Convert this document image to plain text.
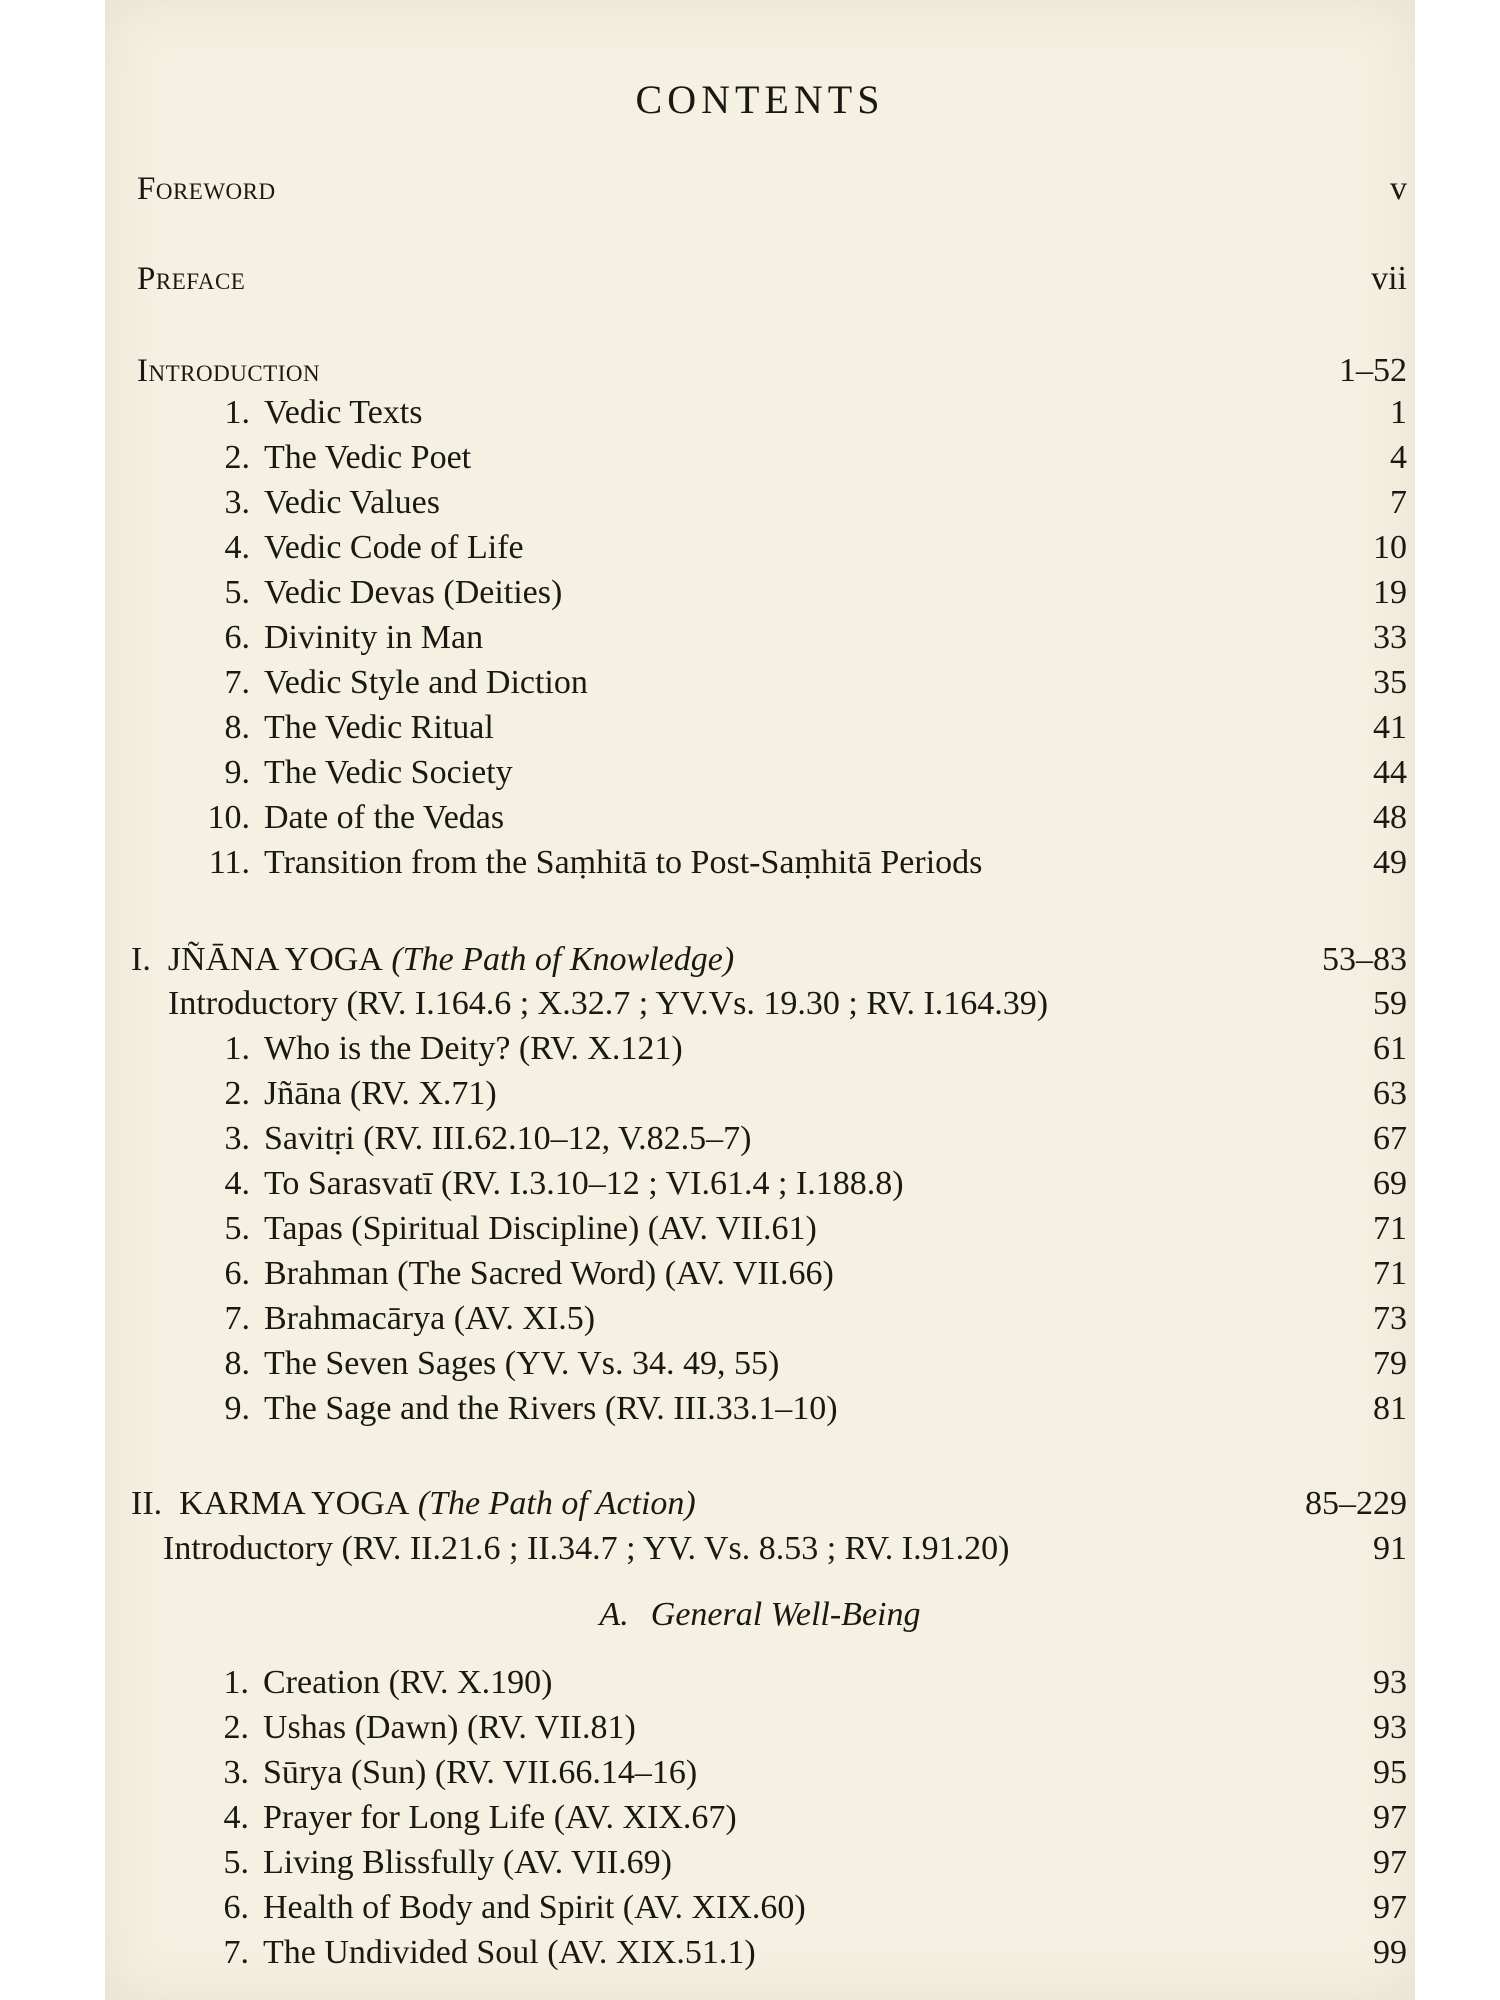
CONTENTS
Foreword	v
Preface	vii
Introduction	1–52
1. Vedic Texts	1
2. The Vedic Poet	4
3. Vedic Values	7
4. Vedic Code of Life	10
5. Vedic Devas (Deities)	19
6. Divinity in Man	33
7. Vedic Style and Diction	35
8. The Vedic Ritual	41
9. The Vedic Society	44
10. Date of the Vedas	48
11. Transition from the Saṃhitā to Post-Saṃhitā Periods	49
I. JÑĀNA YOGA (The Path of Knowledge)	53–83
Introductory (RV. I.164.6 ; X.32.7 ; YV.Vs. 19.30 ; RV. I.164.39)	59
1. Who is the Deity? (RV. X.121)	61
2. Jñāna (RV. X.71)	63
3. Savitṛi (RV. III.62.10–12, V.82.5–7)	67
4. To Sarasvatī (RV. I.3.10–12 ; VI.61.4 ; I.188.8)	69
5. Tapas (Spiritual Discipline) (AV. VII.61)	71
6. Brahman (The Sacred Word) (AV. VII.66)	71
7. Brahmacārya (AV. XI.5)	73
8. The Seven Sages (YV. Vs. 34. 49, 55)	79
9. The Sage and the Rivers (RV. III.33.1–10)	81
II. KARMA YOGA (The Path of Action)	85–229
Introductory (RV. II.21.6 ; II.34.7 ; YV. Vs. 8.53 ; RV. I.91.20)	91
A. General Well-Being
1. Creation (RV. X.190)	93
2. Ushas (Dawn) (RV. VII.81)	93
3. Sūrya (Sun) (RV. VII.66.14–16)	95
4. Prayer for Long Life (AV. XIX.67)	97
5. Living Blissfully (AV. VII.69)	97
6. Health of Body and Spirit (AV. XIX.60)	97
7. The Undivided Soul (AV. XIX.51.1)	99
